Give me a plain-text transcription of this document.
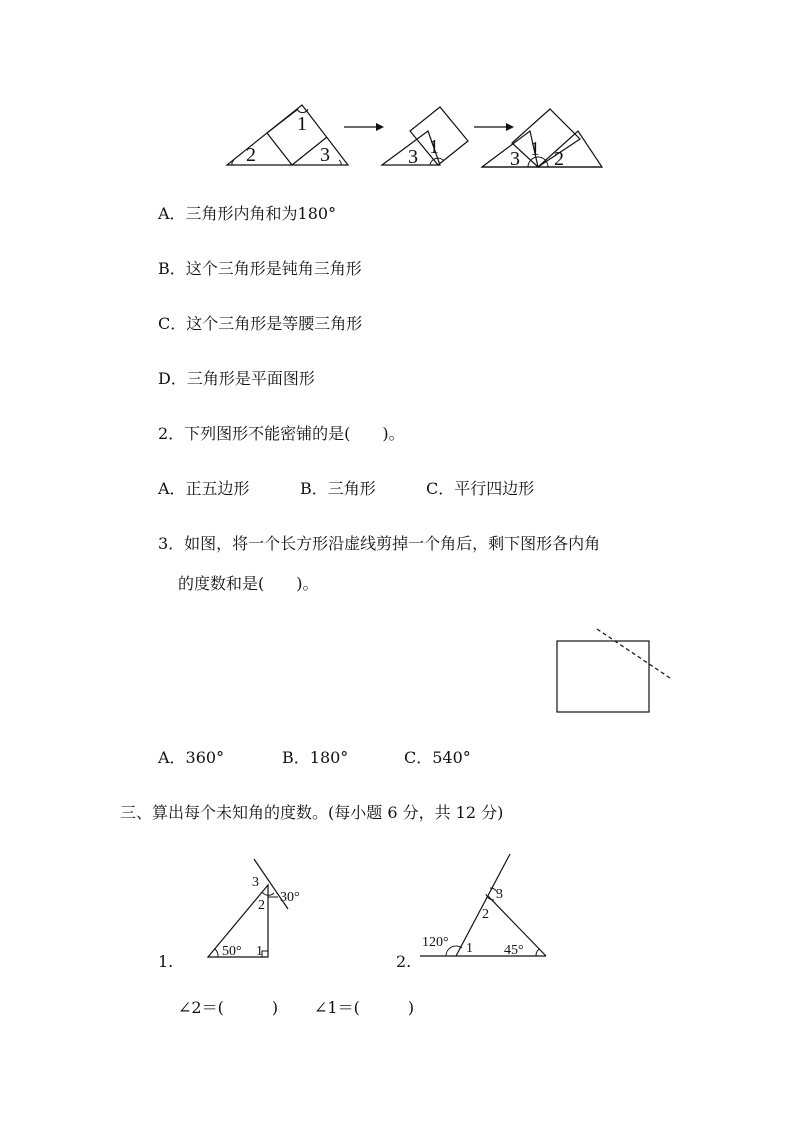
1
2	3	3 1
3 1 2
A．三角形内角和为180°
B．这个三角形是钝角三角形
C．这个三角形是等腰三角形
D．三角形是平面图形
2．下列图形不能密铺的是(　　)。
A．正五边形	B．三角形	C．平行四边形
3．如图，将一个长方形沿虚线剪掉一个角后，剩下图形各内角
的度数和是(　　)。
A．360°	B．180°	C．540°
三、算出每个未知角的度数。(每小题 6 分，共 12 分)
1.
50° 1
2
3
30°
2.
120° 1
2
3
45°
∠2＝(　　　) ∠1＝(　　　)
